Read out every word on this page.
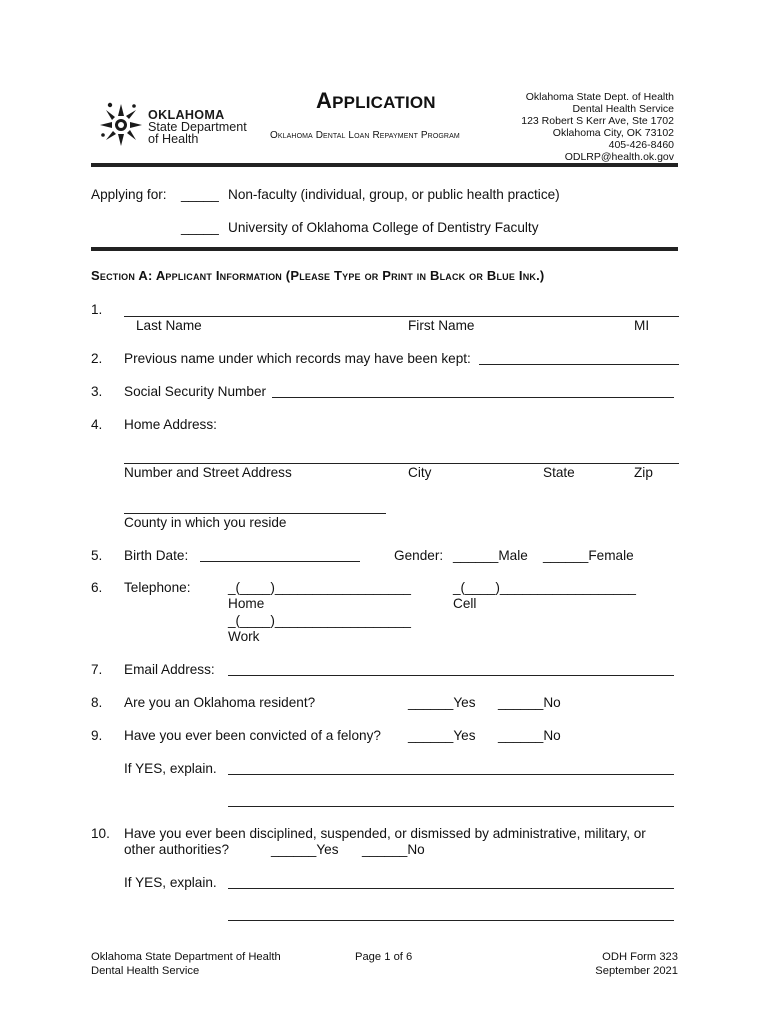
OKLAHOMA
State Department
of Health
APPLICATION
Oklahoma Dental Loan Repayment Program
Oklahoma State Dept. of Health
Dental Health Service
123 Robert S Kerr Ave, Ste 1702
Oklahoma City, OK 73102
405-426-8460
ODLRP@health.ok.gov
Applying for: _____ Non-faculty (individual, group, or public health practice)
_____ University of Oklahoma College of Dentistry Faculty
Section A: Applicant Information (Please Type or Print in Black or Blue Ink.)
1.
Last Name	First Name	MI
2. Previous name under which records may have been kept:
3. Social Security Number
4. Home Address:
Number and Street Address	City	State	Zip
County in which you reside
5. Birth Date:	Gender: ______Male ______Female
6. Telephone:	_(____)__________________
Home
_(____)__________________
Cell
_(____)__________________
Work
7. Email Address:
8. Are you an Oklahoma resident?	______Yes ______No
9. Have you ever been convicted of a felony? ______Yes ______No
If YES, explain.
10. Have you ever been disciplined, suspended, or dismissed by administrative, military, or
other authorities?	______Yes ______No
If YES, explain.
Oklahoma State Department of Health
Dental Health Service
Page 1 of 6	ODH Form 323
September 2021
